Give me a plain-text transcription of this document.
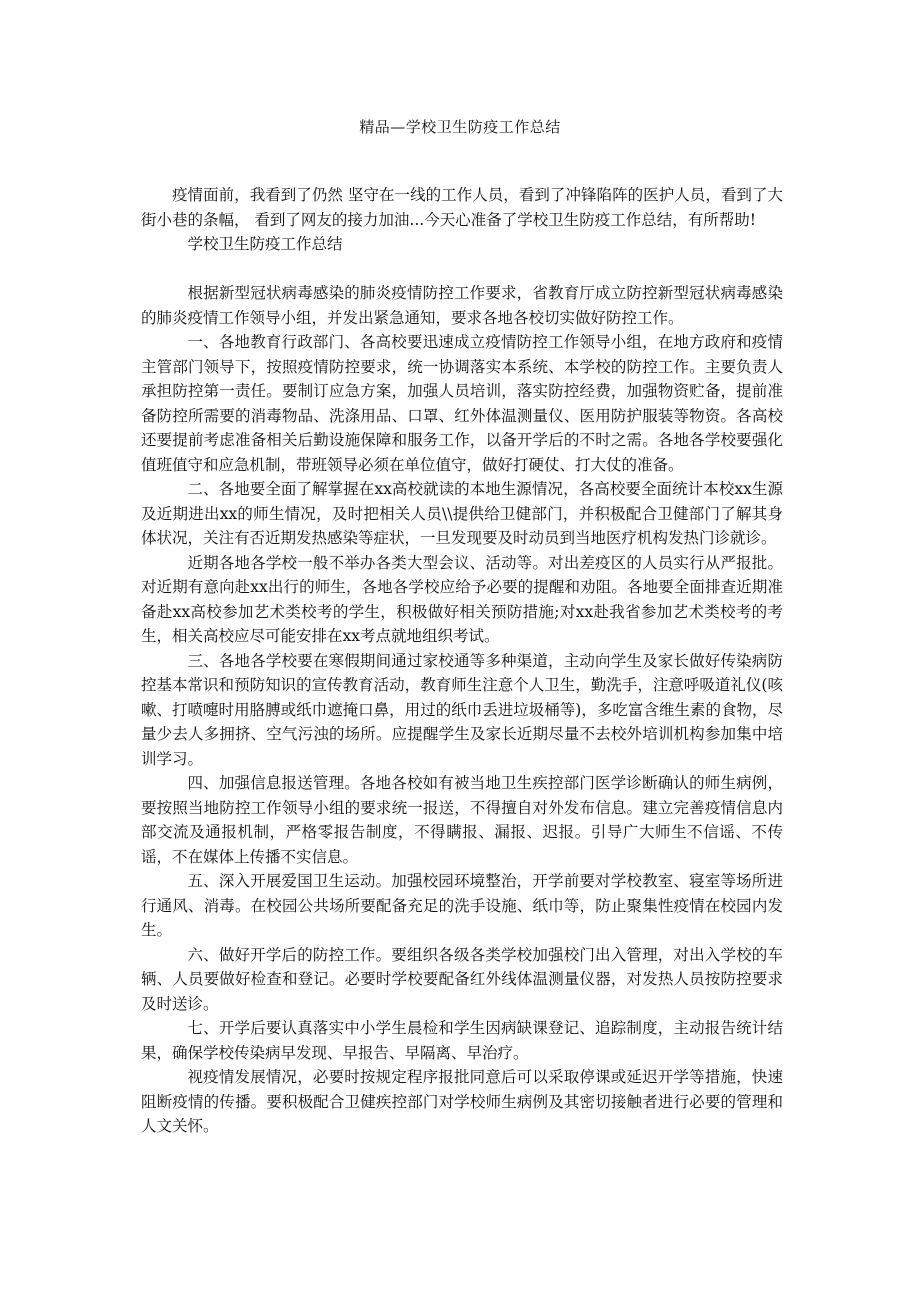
精品—学校卫生防疫工作总结

疫情面前，我看到了仍然 坚守在一线的工作人员，看到了冲锋陷阵的医护人员，看到了大街小巷的条幅， 看到了网友的接力加油...今天心准备了学校卫生防疫工作总结，有所帮助!

学校卫生防疫工作总结

根据新型冠状病毒感染的肺炎疫情防控工作要求，省教育厅成立防控新型冠状病毒感染的肺炎疫情工作领导小组，并发出紧急通知，要求各地各校切实做好防控工作。

一、各地教育行政部门、各高校要迅速成立疫情防控工作领导小组，在地方政府和疫情主管部门领导下，按照疫情防控要求，统一协调落实本系统、本学校的防控工作。主要负责人承担防控第一责任。要制订应急方案，加强人员培训，落实防控经费，加强物资贮备，提前准备防控所需要的消毒物品、洗涤用品、口罩、红外体温测量仪、医用防护服装等物资。各高校还要提前考虑准备相关后勤设施保障和服务工作，以备开学后的不时之需。各地各学校要强化值班值守和应急机制，带班领导必须在单位值守，做好打硬仗、打大仗的准备。

二、各地要全面了解掌握在xx高校就读的本地生源情况，各高校要全面统计本校xx生源及近期进出xx的师生情况，及时把相关人员\\提供给卫健部门，并积极配合卫健部门了解其身体状况，关注有否近期发热感染等症状，一旦发现要及时动员到当地医疗机构发热门诊就诊。

近期各地各学校一般不举办各类大型会议、活动等。对出差疫区的人员实行从严报批。对近期有意向赴xx出行的师生，各地各学校应给予必要的提醒和劝阻。各地要全面排查近期准备赴xx高校参加艺术类校考的学生，积极做好相关预防措施;对xx赴我省参加艺术类校考的考生，相关高校应尽可能安排在xx考点就地组织考试。

三、各地各学校要在寒假期间通过家校通等多种渠道，主动向学生及家长做好传染病防控基本常识和预防知识的宣传教育活动，教育师生注意个人卫生，勤洗手，注意呼吸道礼仪(咳嗽、打喷嚏时用胳膊或纸巾遮掩口鼻，用过的纸巾丢进垃圾桶等)，多吃富含维生素的食物，尽量少去人多拥挤、空气污浊的场所。应提醒学生及家长近期尽量不去校外培训机构参加集中培训学习。

四、加强信息报送管理。各地各校如有被当地卫生疾控部门医学诊断确认的师生病例，要按照当地防控工作领导小组的要求统一报送，不得擅自对外发布信息。建立完善疫情信息内部交流及通报机制，严格零报告制度，不得瞒报、漏报、迟报。引导广大师生不信谣、不传谣，不在媒体上传播不实信息。

五、深入开展爱国卫生运动。加强校园环境整治，开学前要对学校教室、寝室等场所进行通风、消毒。在校园公共场所要配备充足的洗手设施、纸巾等，防止聚集性疫情在校园内发生。

六、做好开学后的防控工作。要组织各级各类学校加强校门出入管理，对出入学校的车辆、人员要做好检查和登记。必要时学校要配备红外线体温测量仪器，对发热人员按防控要求及时送诊。

七、开学后要认真落实中小学生晨检和学生因病缺课登记、追踪制度，主动报告统计结果，确保学校传染病早发现、早报告、早隔离、早治疗。

视疫情发展情况，必要时按规定程序报批同意后可以采取停课或延迟开学等措施，快速阻断疫情的传播。要积极配合卫健疾控部门对学校师生病例及其密切接触者进行必要的管理和人文关怀。
